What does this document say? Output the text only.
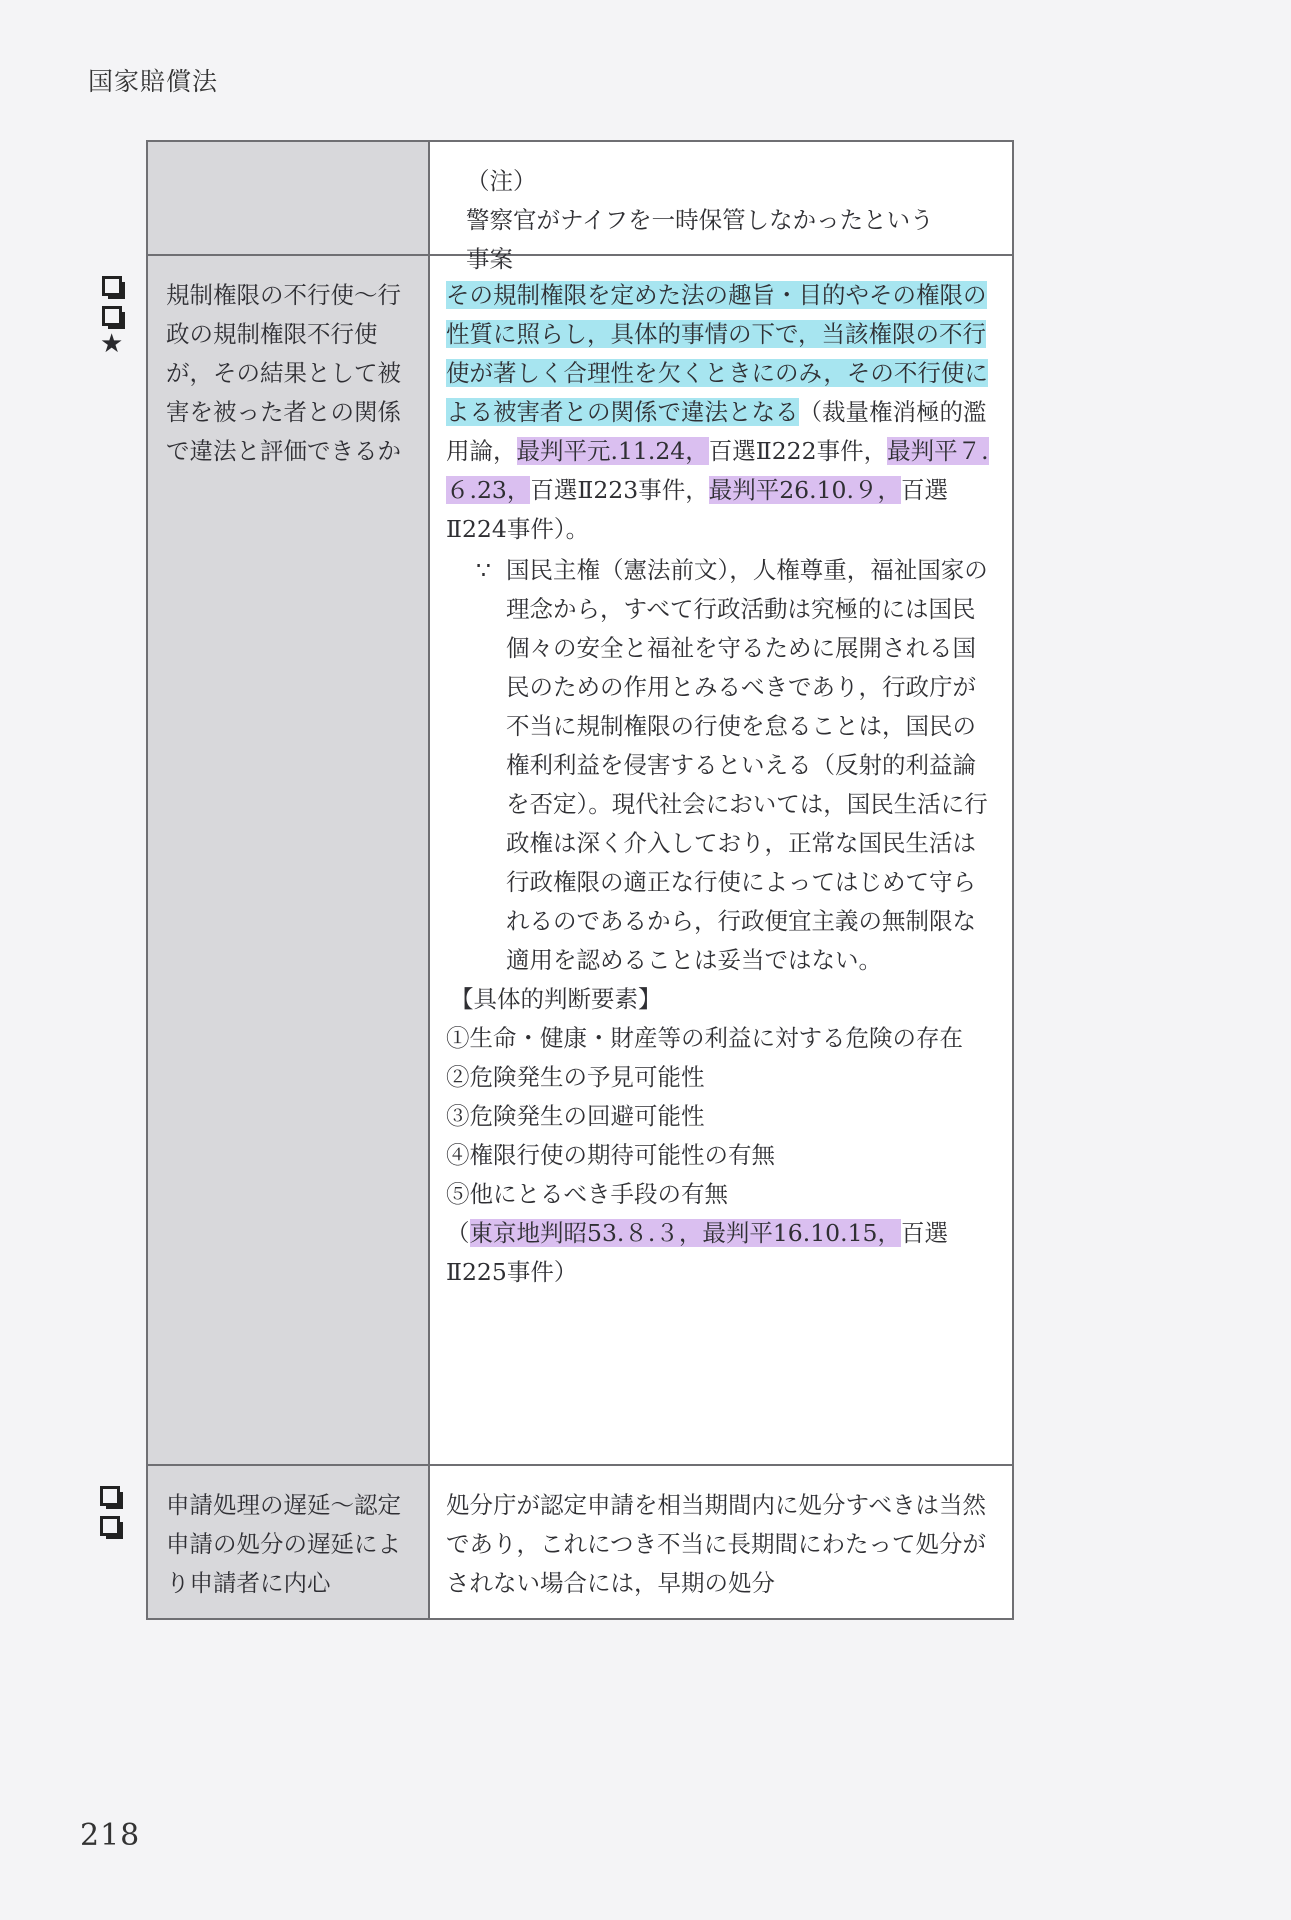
国家賠償法
★
（注）警察官がナイフを一時保管しなかったという事案
規制権限の不行使〜行政の規制権限不行使が，その結果として被害を被った者との関係で違法と評価できるか
その規制権限を定めた法の趣旨・目的やその権限の性質に照らし，具体的事情の下で，当該権限の不行使が著しく合理性を欠くときにのみ，その不行使による被害者との関係で違法となる（裁量権消極的濫用論，最判平元.11.24，百選Ⅱ222事件，最判平７.６.23，百選Ⅱ223事件，最判平26.10.９，百選Ⅱ224事件）。
∵ 国民主権（憲法前文），人権尊重，福祉国家の理念から，すべて行政活動は究極的には国民個々の安全と福祉を守るために展開される国民のための作用とみるべきであり，行政庁が不当に規制権限の行使を怠ることは，国民の権利利益を侵害するといえる（反射的利益論を否定）。現代社会においては，国民生活に行政権は深く介入しており，正常な国民生活は行政権限の適正な行使によってはじめて守られるのであるから，行政便宜主義の無制限な適用を認めることは妥当ではない。
【具体的判断要素】
①生命・健康・財産等の利益に対する危険の存在
②危険発生の予見可能性
③危険発生の回避可能性
④権限行使の期待可能性の有無
⑤他にとるべき手段の有無
（東京地判昭53.８.３，最判平16.10.15，百選Ⅱ225事件）
申請処理の遅延〜認定申請の処分の遅延により申請者に内心
処分庁が認定申請を相当期間内に処分すべきは当然であり，これにつき不当に長期間にわたって処分がされない場合には，早期の処分
218
